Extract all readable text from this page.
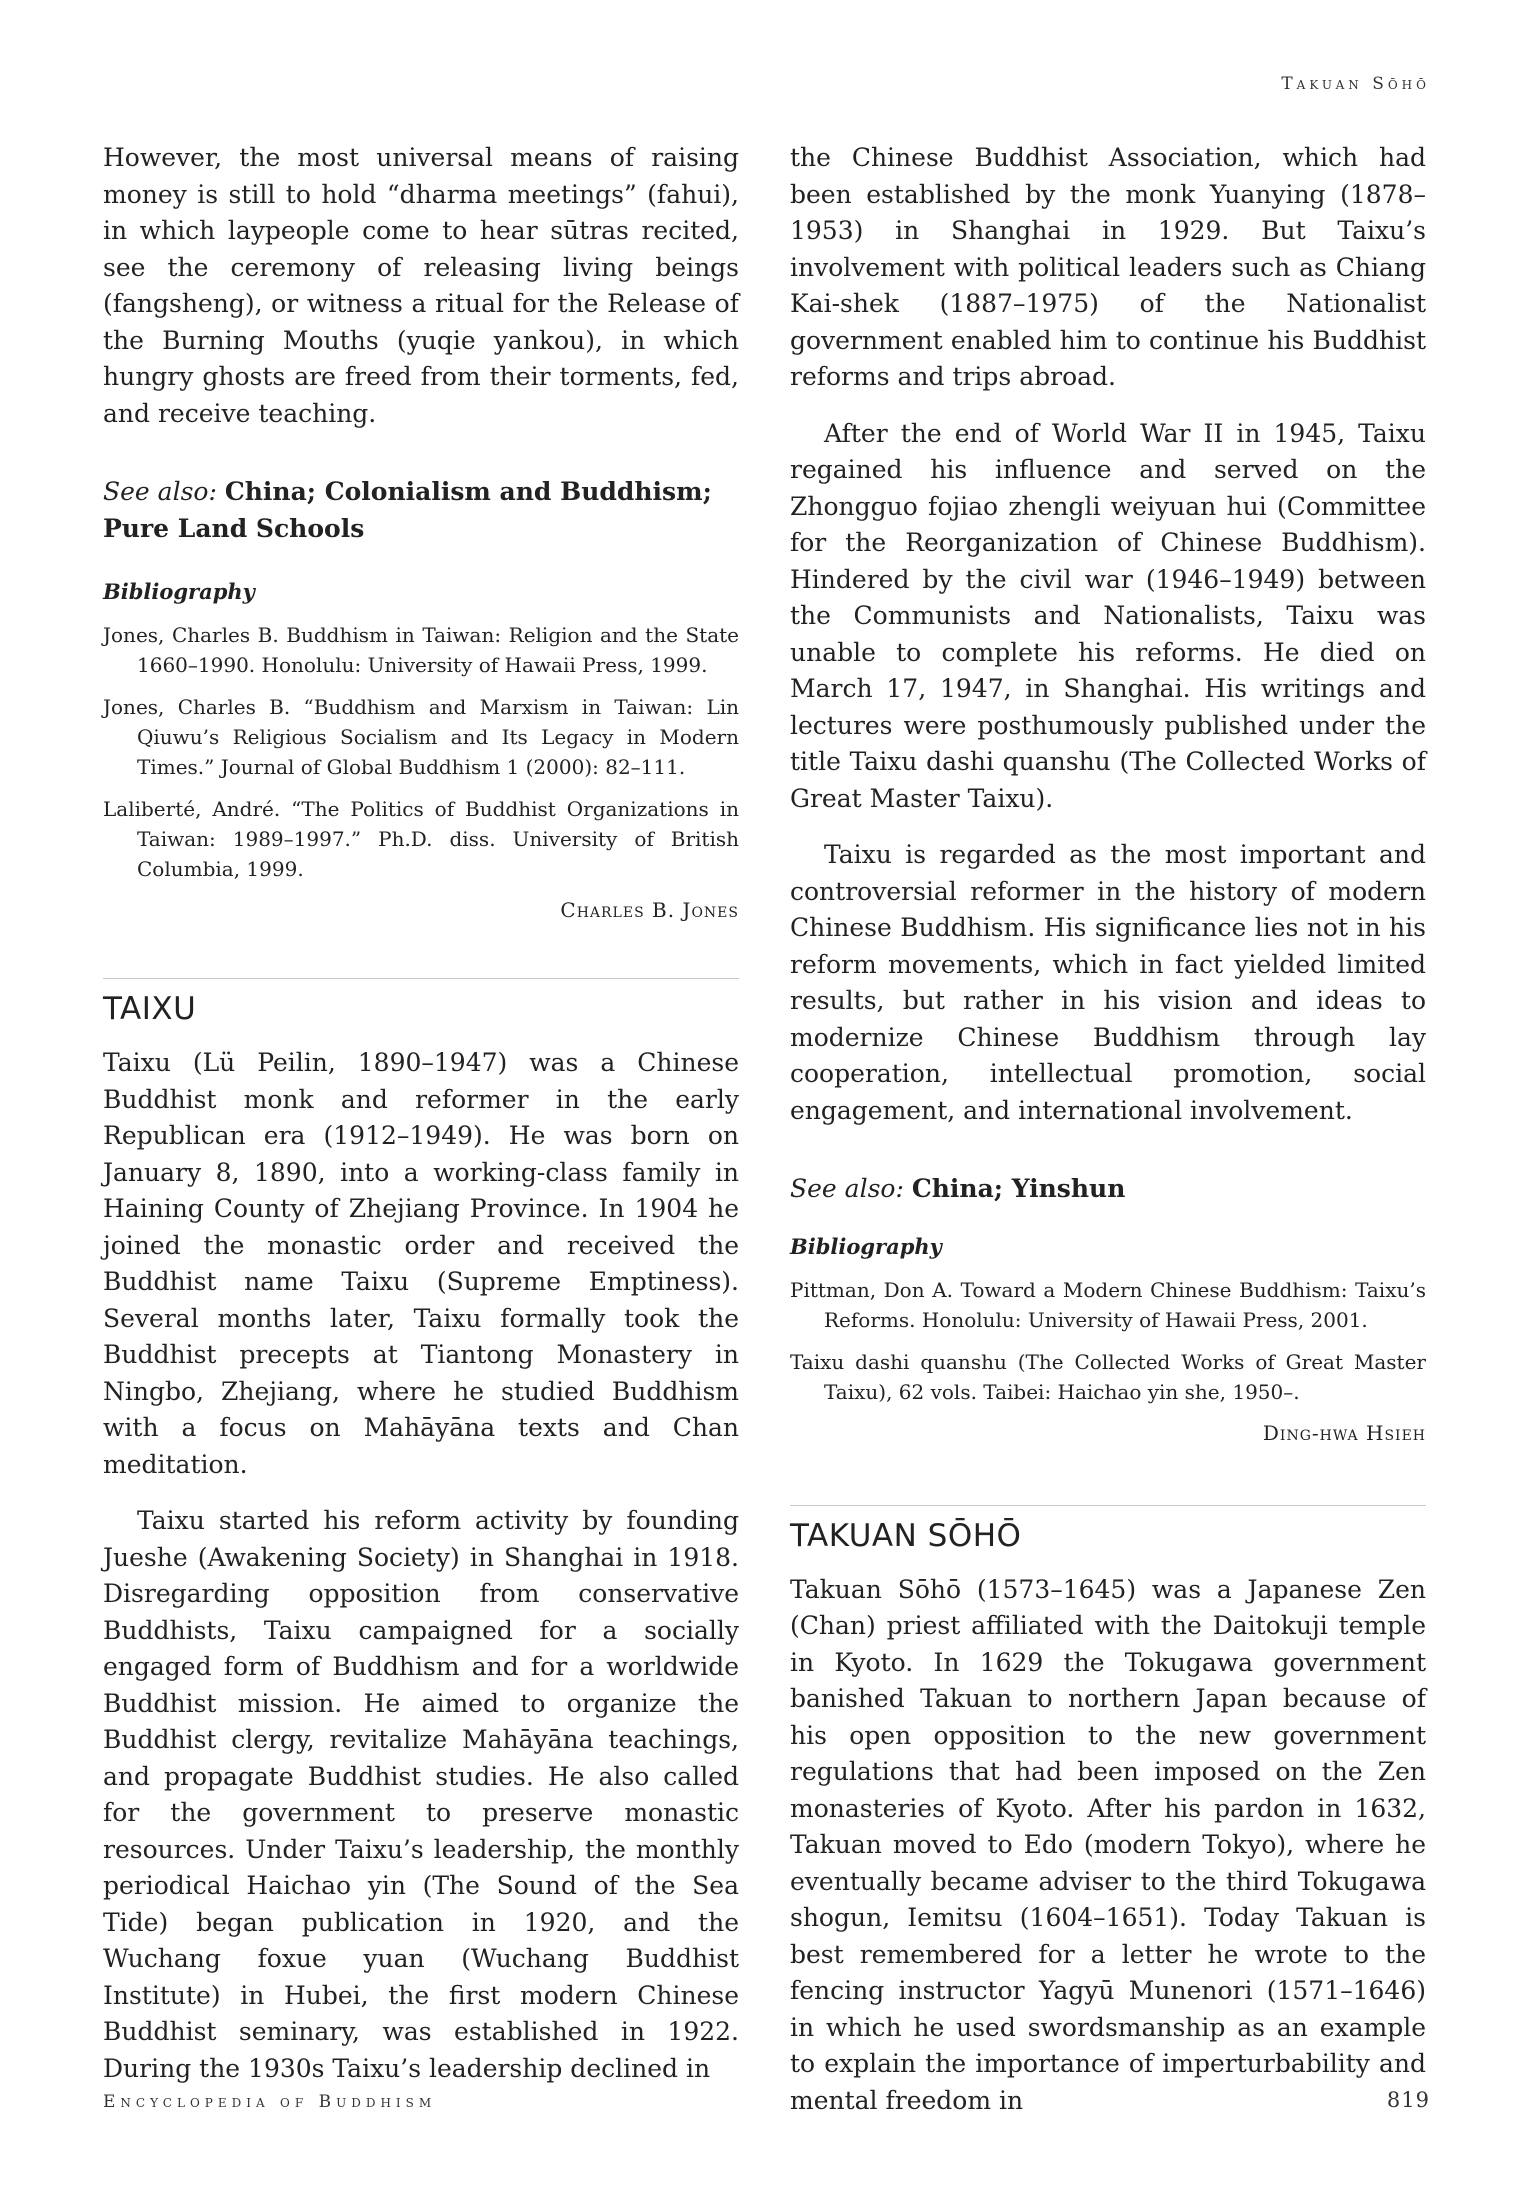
Takuan Sōhō

However, the most universal means of raising money is still to hold “dharma meetings” (fahui), in which laypeople come to hear sūtras recited, see the ceremony of releasing living beings (fangsheng), or witness a ritual for the Release of the Burning Mouths (yuqie yankou), in which hungry ghosts are freed from their torments, fed, and receive teaching.

See also: China; Colonialism and Buddhism; Pure Land Schools

Bibliography

Jones, Charles B. Buddhism in Taiwan: Religion and the State 1660–1990. Honolulu: University of Hawaii Press, 1999.

Jones, Charles B. “Buddhism and Marxism in Taiwan: Lin Qiuwu’s Religious Socialism and Its Legacy in Modern Times.” Journal of Global Buddhism 1 (2000): 82–111.

Laliberté, André. “The Politics of Buddhist Organizations in Taiwan: 1989–1997.” Ph.D. diss. University of British Columbia, 1999.

Charles B. Jones

TAIXU

Taixu (Lü Peilin, 1890–1947) was a Chinese Buddhist monk and reformer in the early Republican era (1912–1949). He was born on January 8, 1890, into a working-class family in Haining County of Zhejiang Province. In 1904 he joined the monastic order and received the Buddhist name Taixu (Supreme Emptiness). Several months later, Taixu formally took the Buddhist precepts at Tiantong Monastery in Ningbo, Zhejiang, where he studied Buddhism with a focus on Mahāyāna texts and Chan meditation.

Taixu started his reform activity by founding Jueshe (Awakening Society) in Shanghai in 1918. Disregarding opposition from conservative Buddhists, Taixu campaigned for a socially engaged form of Buddhism and for a worldwide Buddhist mission. He aimed to organize the Buddhist clergy, revitalize Mahāyāna teachings, and propagate Buddhist studies. He also called for the government to preserve monastic resources. Under Taixu’s leadership, the monthly periodical Haichao yin (The Sound of the Sea Tide) began publication in 1920, and the Wuchang foxue yuan (Wuchang Buddhist Institute) in Hubei, the first modern Chinese Buddhist seminary, was established in 1922. During the 1930s Taixu’s leadership declined in

the Chinese Buddhist Association, which had been established by the monk Yuanying (1878–1953) in Shanghai in 1929. But Taixu’s involvement with political leaders such as Chiang Kai-shek (1887–1975) of the Nationalist government enabled him to continue his Buddhist reforms and trips abroad.

After the end of World War II in 1945, Taixu regained his influence and served on the Zhongguo fojiao zhengli weiyuan hui (Committee for the Reorganization of Chinese Buddhism). Hindered by the civil war (1946–1949) between the Communists and Nationalists, Taixu was unable to complete his reforms. He died on March 17, 1947, in Shanghai. His writings and lectures were posthumously published under the title Taixu dashi quanshu (The Collected Works of Great Master Taixu).

Taixu is regarded as the most important and controversial reformer in the history of modern Chinese Buddhism. His significance lies not in his reform movements, which in fact yielded limited results, but rather in his vision and ideas to modernize Chinese Buddhism through lay cooperation, intellectual promotion, social engagement, and international involvement.

See also: China; Yinshun

Bibliography

Pittman, Don A. Toward a Modern Chinese Buddhism: Taixu’s Reforms. Honolulu: University of Hawaii Press, 2001.

Taixu dashi quanshu (The Collected Works of Great Master Taixu), 62 vols. Taibei: Haichao yin she, 1950–.

Ding-hwa Hsieh

TAKUAN SŌHŌ

Takuan Sōhō (1573–1645) was a Japanese Zen (Chan) priest affiliated with the Daitokuji temple in Kyoto. In 1629 the Tokugawa government banished Takuan to northern Japan because of his open opposition to the new government regulations that had been imposed on the Zen monasteries of Kyoto. After his pardon in 1632, Takuan moved to Edo (modern Tokyo), where he eventually became adviser to the third Tokugawa shogun, Iemitsu (1604–1651). Today Takuan is best remembered for a letter he wrote to the fencing instructor Yagyū Munenori (1571–1646) in which he used swordsmanship as an example to explain the importance of imperturbability and mental freedom in

Encyclopedia of Buddhism	819
